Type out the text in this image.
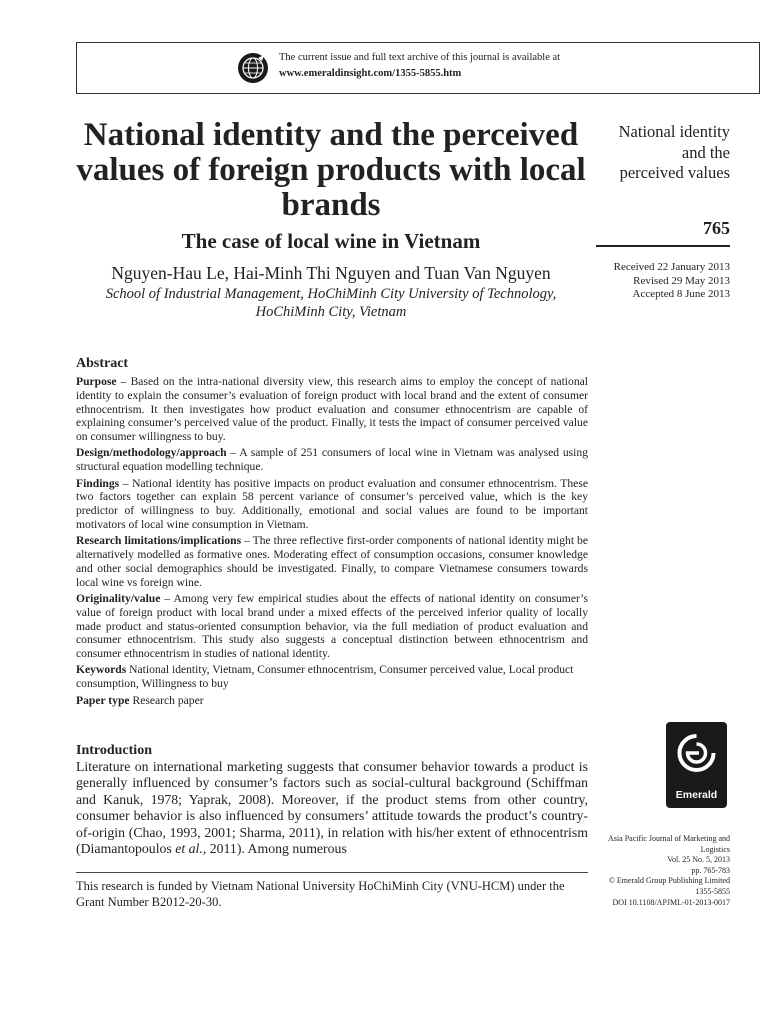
The current issue and full text archive of this journal is available at
www.emeraldinsight.com/1355-5855.htm
National identity and the perceived values of foreign products with local brands
The case of local wine in Vietnam
Nguyen-Hau Le, Hai-Minh Thi Nguyen and Tuan Van Nguyen
School of Industrial Management, HoChiMinh City University of Technology, HoChiMinh City, Vietnam
National identity
and the
perceived values
765
Received 22 January 2013
Revised 29 May 2013
Accepted 8 June 2013
Abstract

Purpose – Based on the intra-national diversity view, this research aims to employ the concept of national identity to explain the consumer’s evaluation of foreign product with local brand and the extent of consumer ethnocentrism. It then investigates how product evaluation and consumer ethnocentrism are capable of explaining consumer’s perceived value of the product. Finally, it tests the impact of consumer perceived value on consumer willingness to buy.

Design/methodology/approach – A sample of 251 consumers of local wine in Vietnam was analysed using structural equation modelling technique.

Findings – National identity has positive impacts on product evaluation and consumer ethnocentrism. These two factors together can explain 58 percent variance of consumer’s perceived value, which is the key predictor of willingness to buy. Additionally, emotional and social values are found to be important motivators of local wine consumption in Vietnam.

Research limitations/implications – The three reflective first-order components of national identity might be alternatively modelled as formative ones. Moderating effect of consumption occasions, consumer knowledge and other social demographics should be investigated. Finally, to compare Vietnamese consumers towards local wine vs foreign wine.

Originality/value – Among very few empirical studies about the effects of national identity on consumer’s value of foreign product with local brand under a mixed effects of the perceived inferior quality of locally made product and status-oriented consumption behavior, via the full mediation of product evaluation and consumer ethnocentrism. This study also suggests a conceptual distinction between ethnocentrism and consumer ethnocentrism in studies of national identity.

Keywords National identity, Vietnam, Consumer ethnocentrism, Consumer perceived value, Local product consumption, Willingness to buy

Paper type Research paper

Introduction
Literature on international marketing suggests that consumer behavior towards a product is generally influenced by consumer’s factors such as social-cultural background (Schiffman and Kanuk, 1978; Yaprak, 2008). Moreover, if the product stems from other country, consumer behavior is also influenced by consumers’ attitude towards the product’s country-of-origin (Chao, 1993, 2001; Sharma, 2011), in relation with his/her extent of ethnocentrism (Diamantopoulos et al., 2011). Among numerous
This research is funded by Vietnam National University HoChiMinh City (VNU-HCM) under the Grant Number B2012-20-30.
Emerald
Asia Pacific Journal of Marketing and
Logistics
Vol. 25 No. 5, 2013
pp. 765-783
© Emerald Group Publishing Limited
1355-5855
DOI 10.1108/APJML-01-2013-0017
